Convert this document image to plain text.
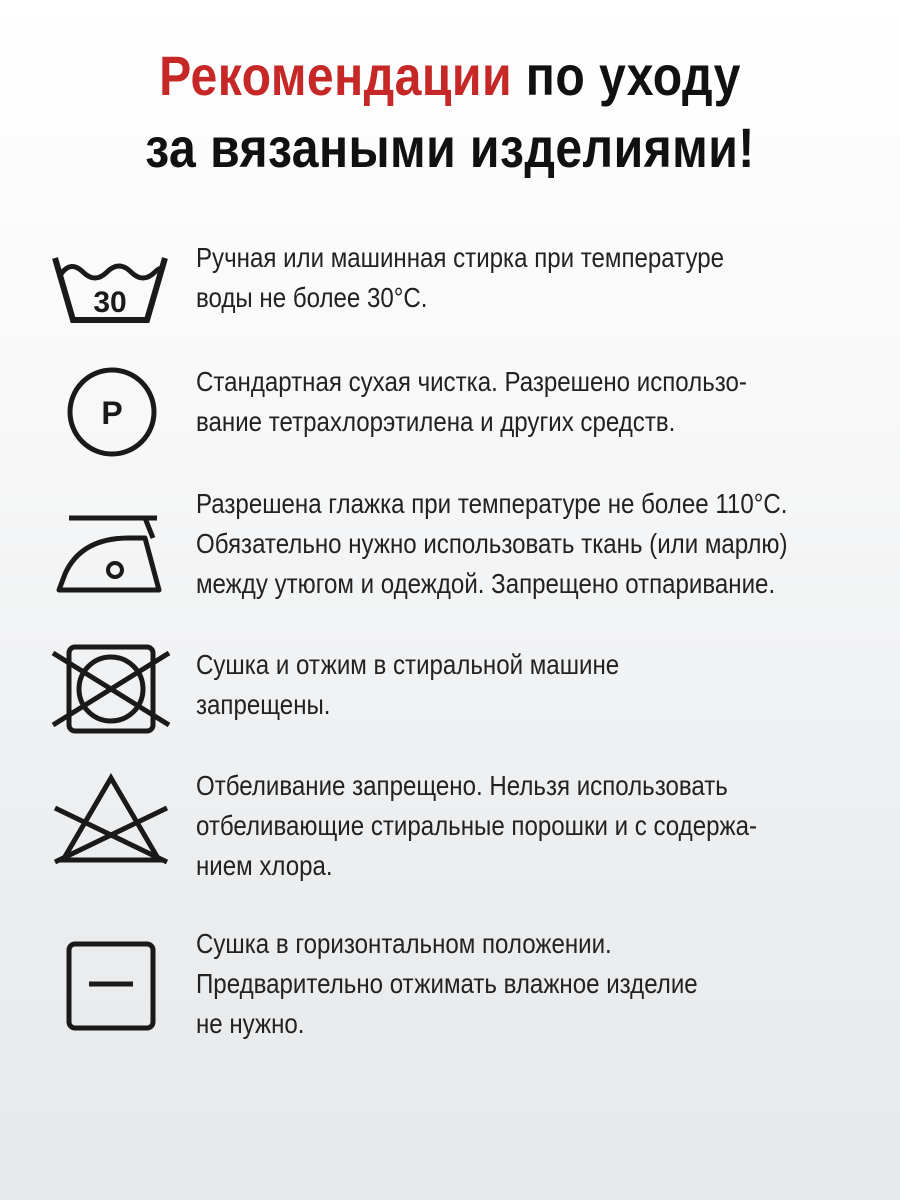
Рекомендации по уходу
за вязаными изделиями!
30
Ручная или машинная стирка при температуре
воды не более 30°С.
P
Стандартная сухая чистка. Разрешено использо-
вание тетрахлорэтилена и других средств.
Разрешена глажка при температуре не более 110°С.
Обязательно нужно использовать ткань (или марлю)
между утюгом и одеждой. Запрещено отпаривание.
Сушка и отжим в стиральной машине
запрещены.
Отбеливание запрещено. Нельзя использовать
отбеливающие стиральные порошки и с содержа-
нием хлора.
Сушка в горизонтальном положении.
Предварительно отжимать влажное изделие
не нужно.
